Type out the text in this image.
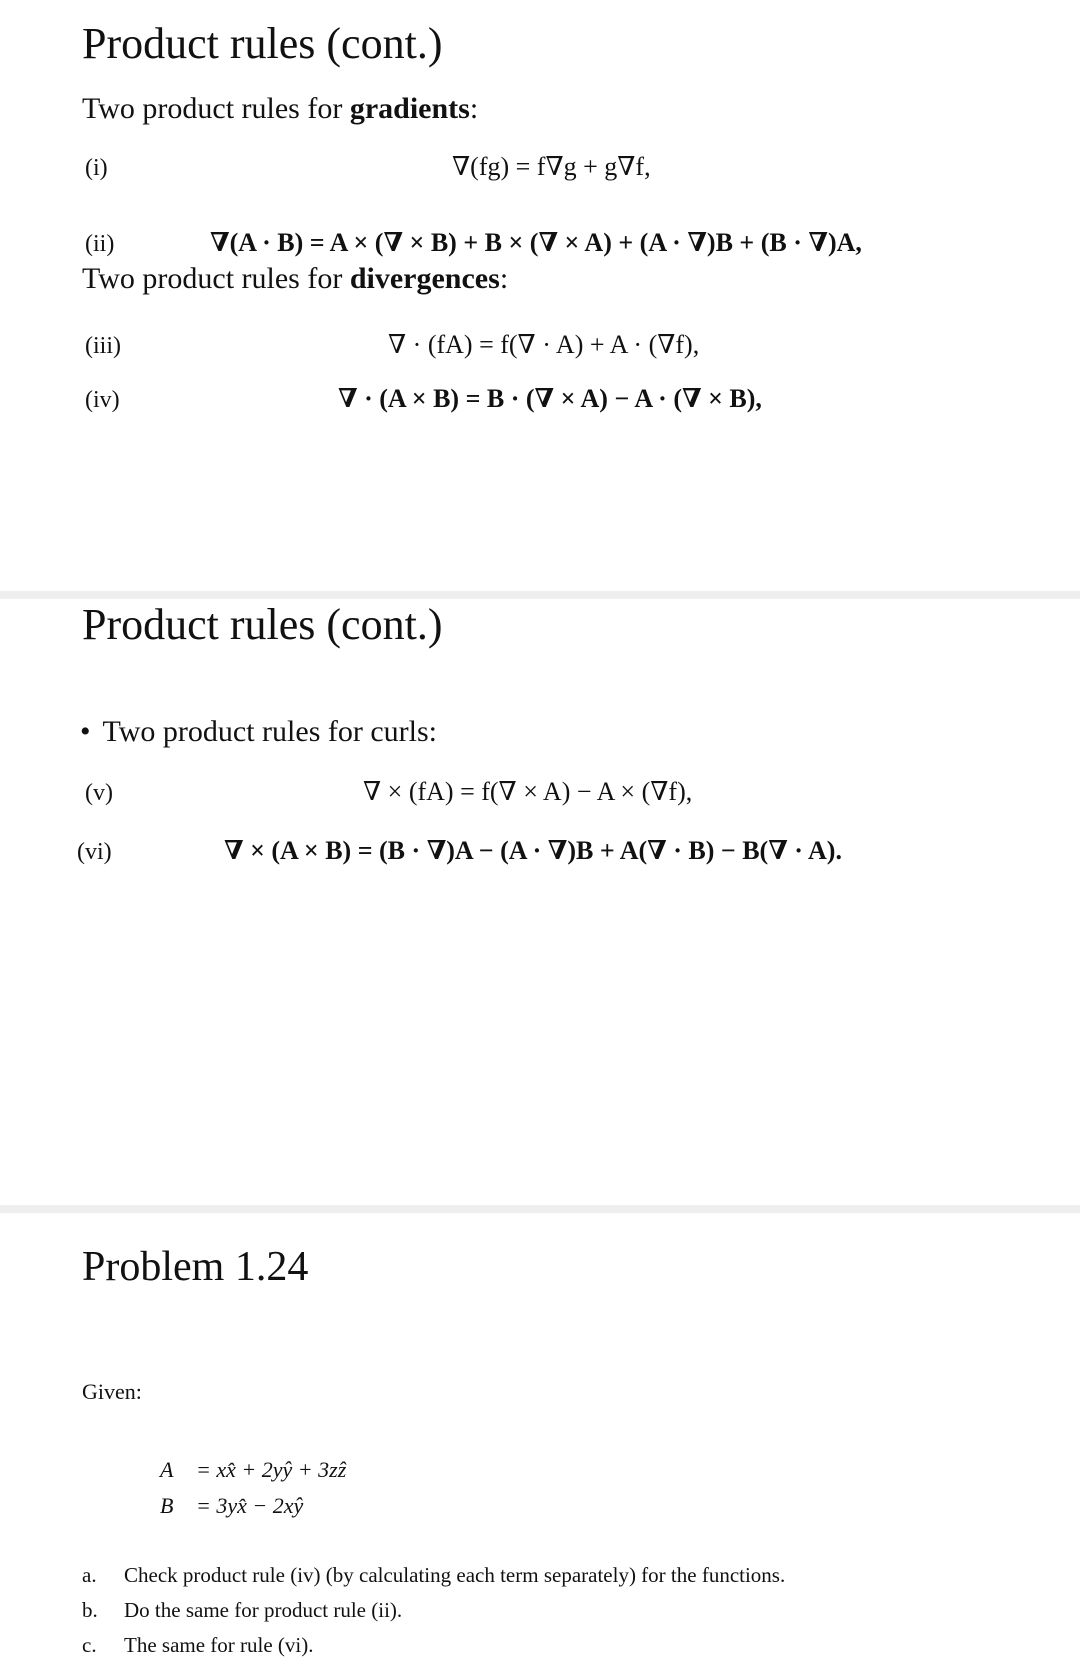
Product rules (cont.)
Two product rules for gradients:
(i)	∇(fg) = f∇g + g∇f,
(ii)	∇(A · B) = A × (∇ × B) + B × (∇ × A) + (A · ∇)B + (B · ∇)A,
Two product rules for divergences:
(iii)	∇ · (fA) = f(∇ · A) + A · (∇f),
(iv)	∇ · (A × B) = B · (∇ × A) − A · (∇ × B),
Product rules (cont.)
• Two product rules for curls:
(v)	∇ × (fA) = f(∇ × A) − A × (∇f),
(vi)	∇ × (A × B) = (B · ∇)A − (A · ∇)B + A(∇ · B) − B(∇ · A).
Problem 1.24
Given:
A⃗ = xx̂ + 2yŷ + 3zẑ
B⃗ = 3yx̂ − 2xŷ
a. Check product rule (iv) (by calculating each term separately) for the functions.
b. Do the same for product rule (ii).
c. The same for rule (vi).
